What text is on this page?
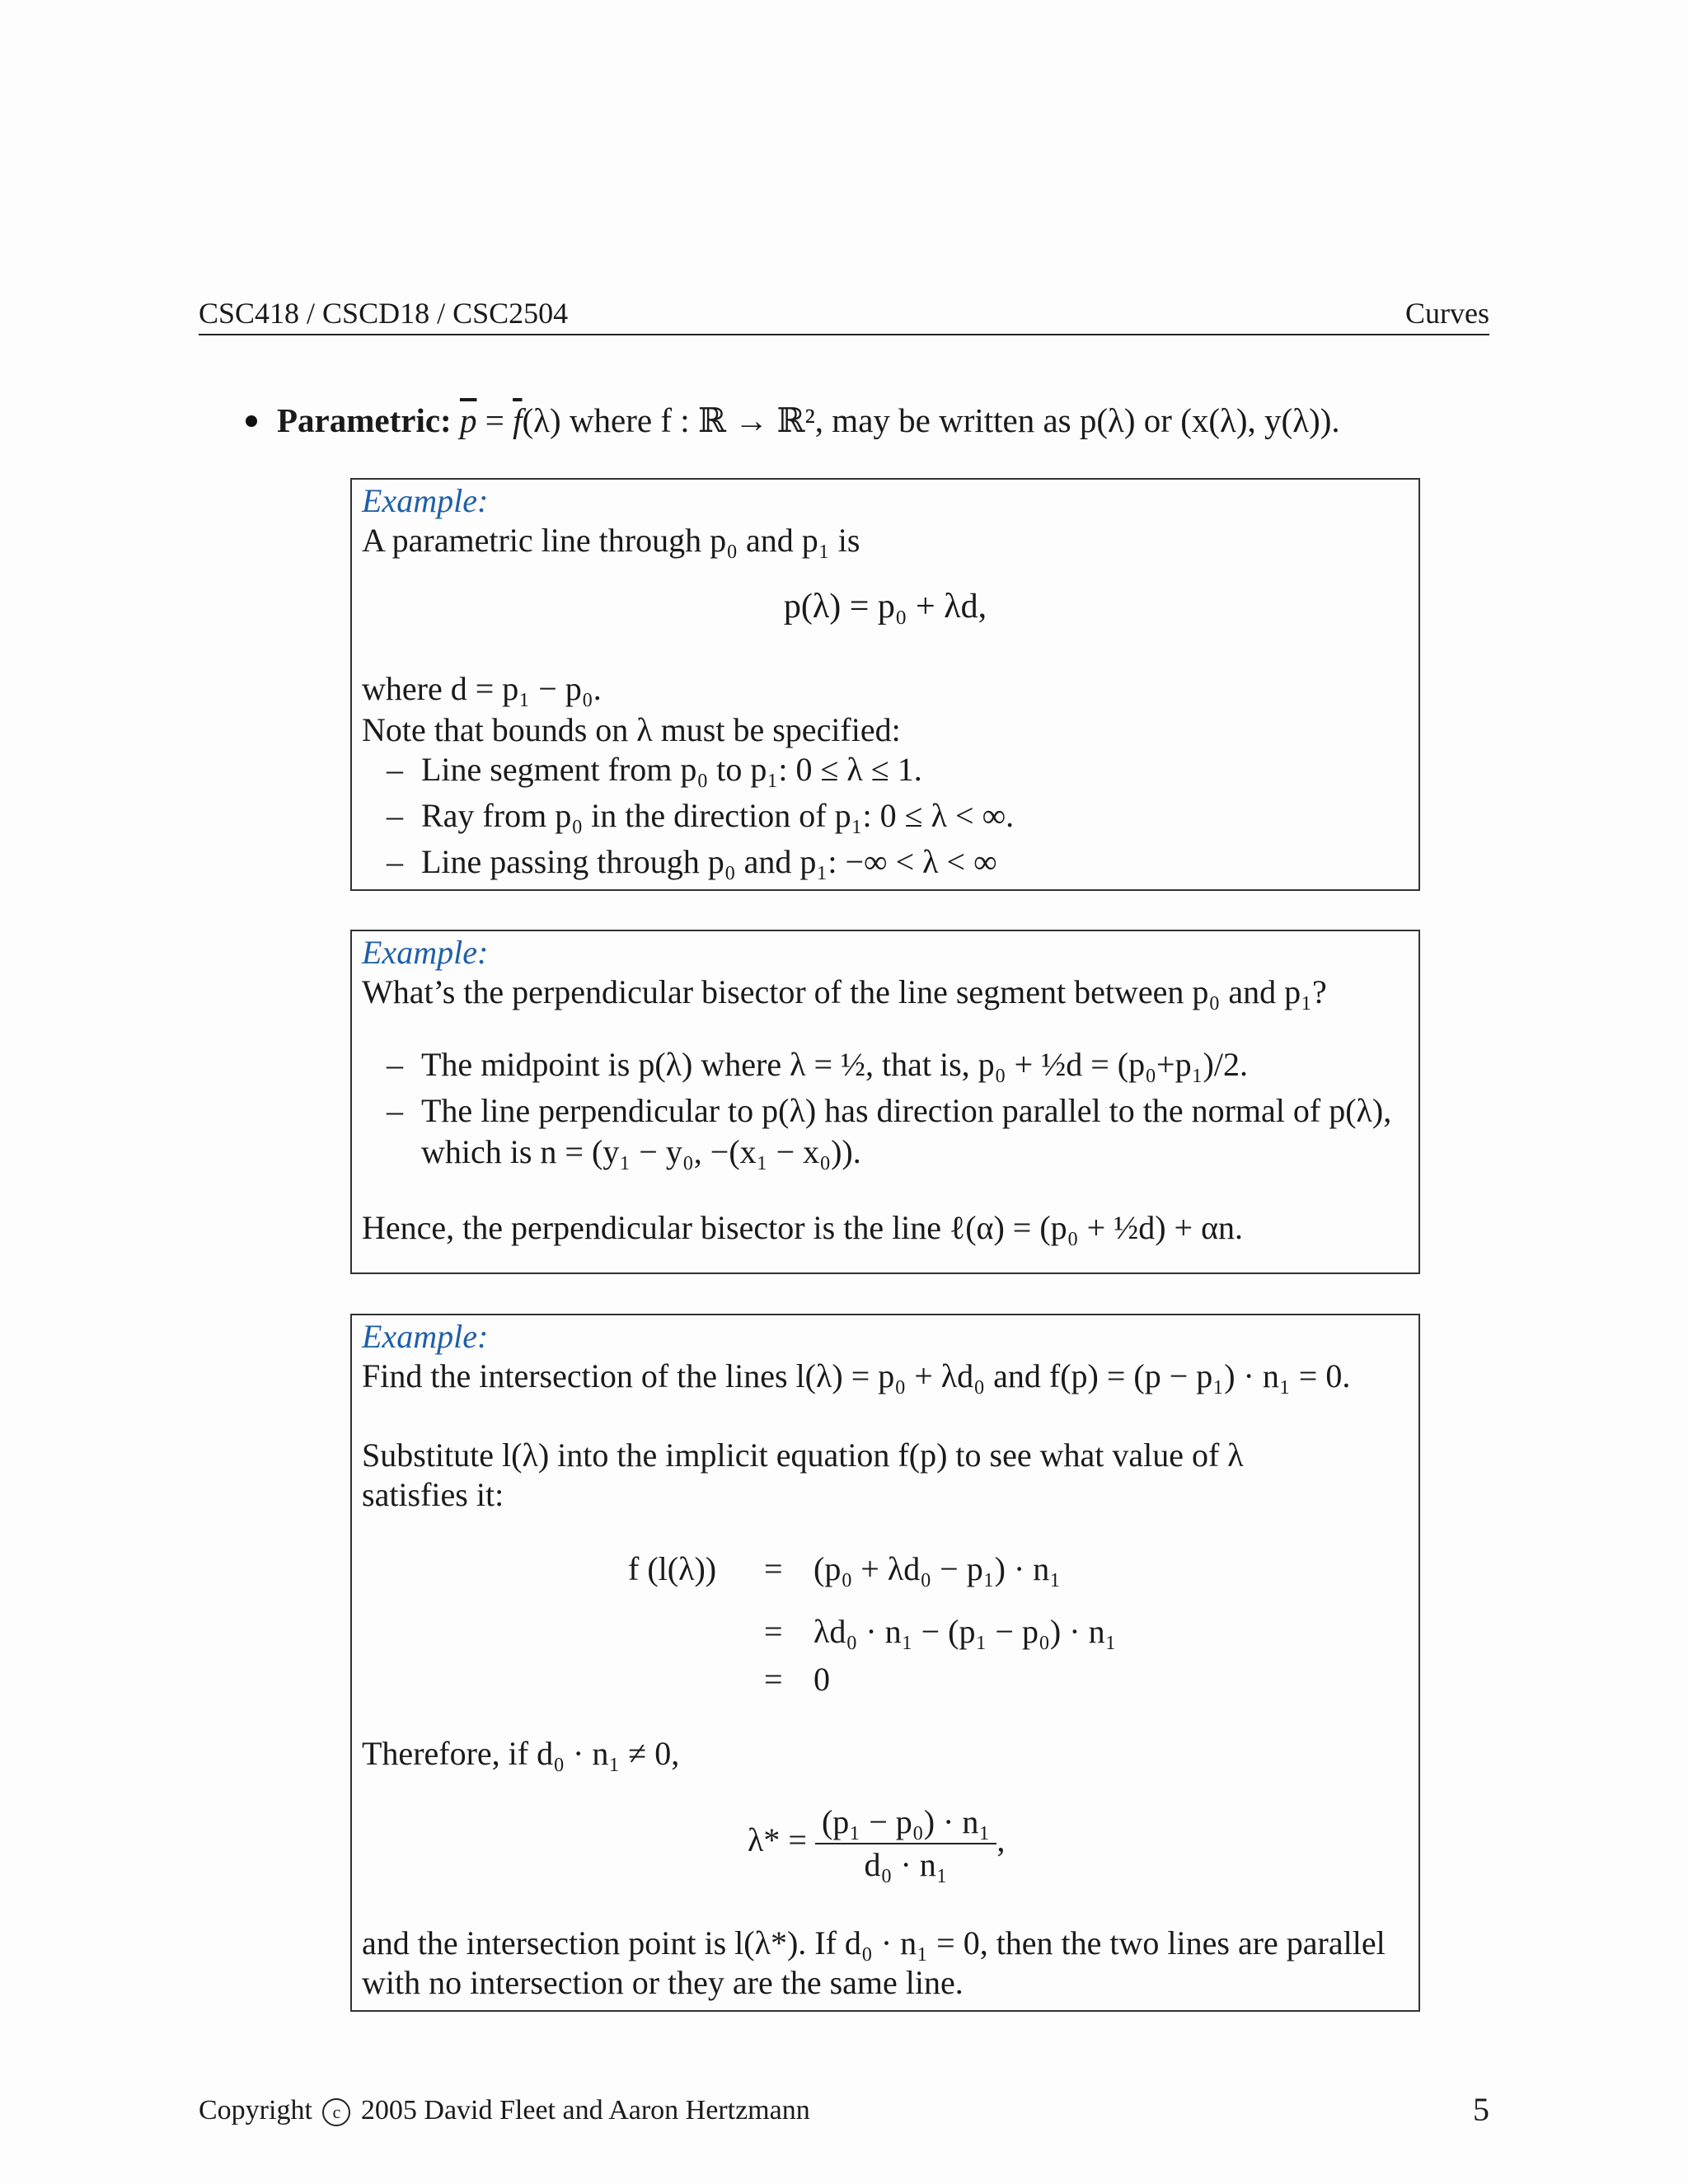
CSC418 / CSCD18 / CSC2504	Curves
Parametric: $\overline{p} = \overline{f}(\lambda)$ where f : ℝ → ℝ², may be written as p(λ) or (x(λ), y(λ)).
Example:
A parametric line through p₀ and p₁ is
p(λ) = p₀ + λd,
where d = p₁ − p₀.
Note that bounds on λ must be specified:
– Line segment from p₀ to p₁: 0 ≤ λ ≤ 1.
– Ray from p₀ in the direction of p₁: 0 ≤ λ < ∞.
– Line passing through p₀ and p₁: −∞ < λ < ∞
Example:
What’s the perpendicular bisector of the line segment between p₀ and p₁?
– The midpoint is p(λ) where λ = ½, that is, p₀ + ½d = (p₀+p₁)/2.
– The line perpendicular to p(λ) has direction parallel to the normal of p(λ),
which is n = (y₁ − y₀, −(x₁ − x₀)).
Hence, the perpendicular bisector is the line ℓ(α) = (p₀ + ½d) + αn.
Example:
Find the intersection of the lines l(λ) = p₀ + λd₀ and f(p) = (p − p₁) · n₁ = 0.
Substitute l(λ) into the implicit equation f(p) to see what value of λ
satisfies it:
f (l(λ)) = (p₀ + λd₀ − p₁) · n₁
= λd₀ · n₁ − (p₁ − p₀) · n₁
= 0
Therefore, if d₀ · n₁ ≠ 0,
$\lambda* = \frac{\text{(p₁ − p₀) · n₁}}{\text{d₀ · n₁}}$ ,
and the intersection point is l(λ*). If d₀ · n₁ = 0, then the two lines are parallel
with no intersection or they are the same line.
Copyright c 2005 David Fleet and Aaron Hertzmann	5
